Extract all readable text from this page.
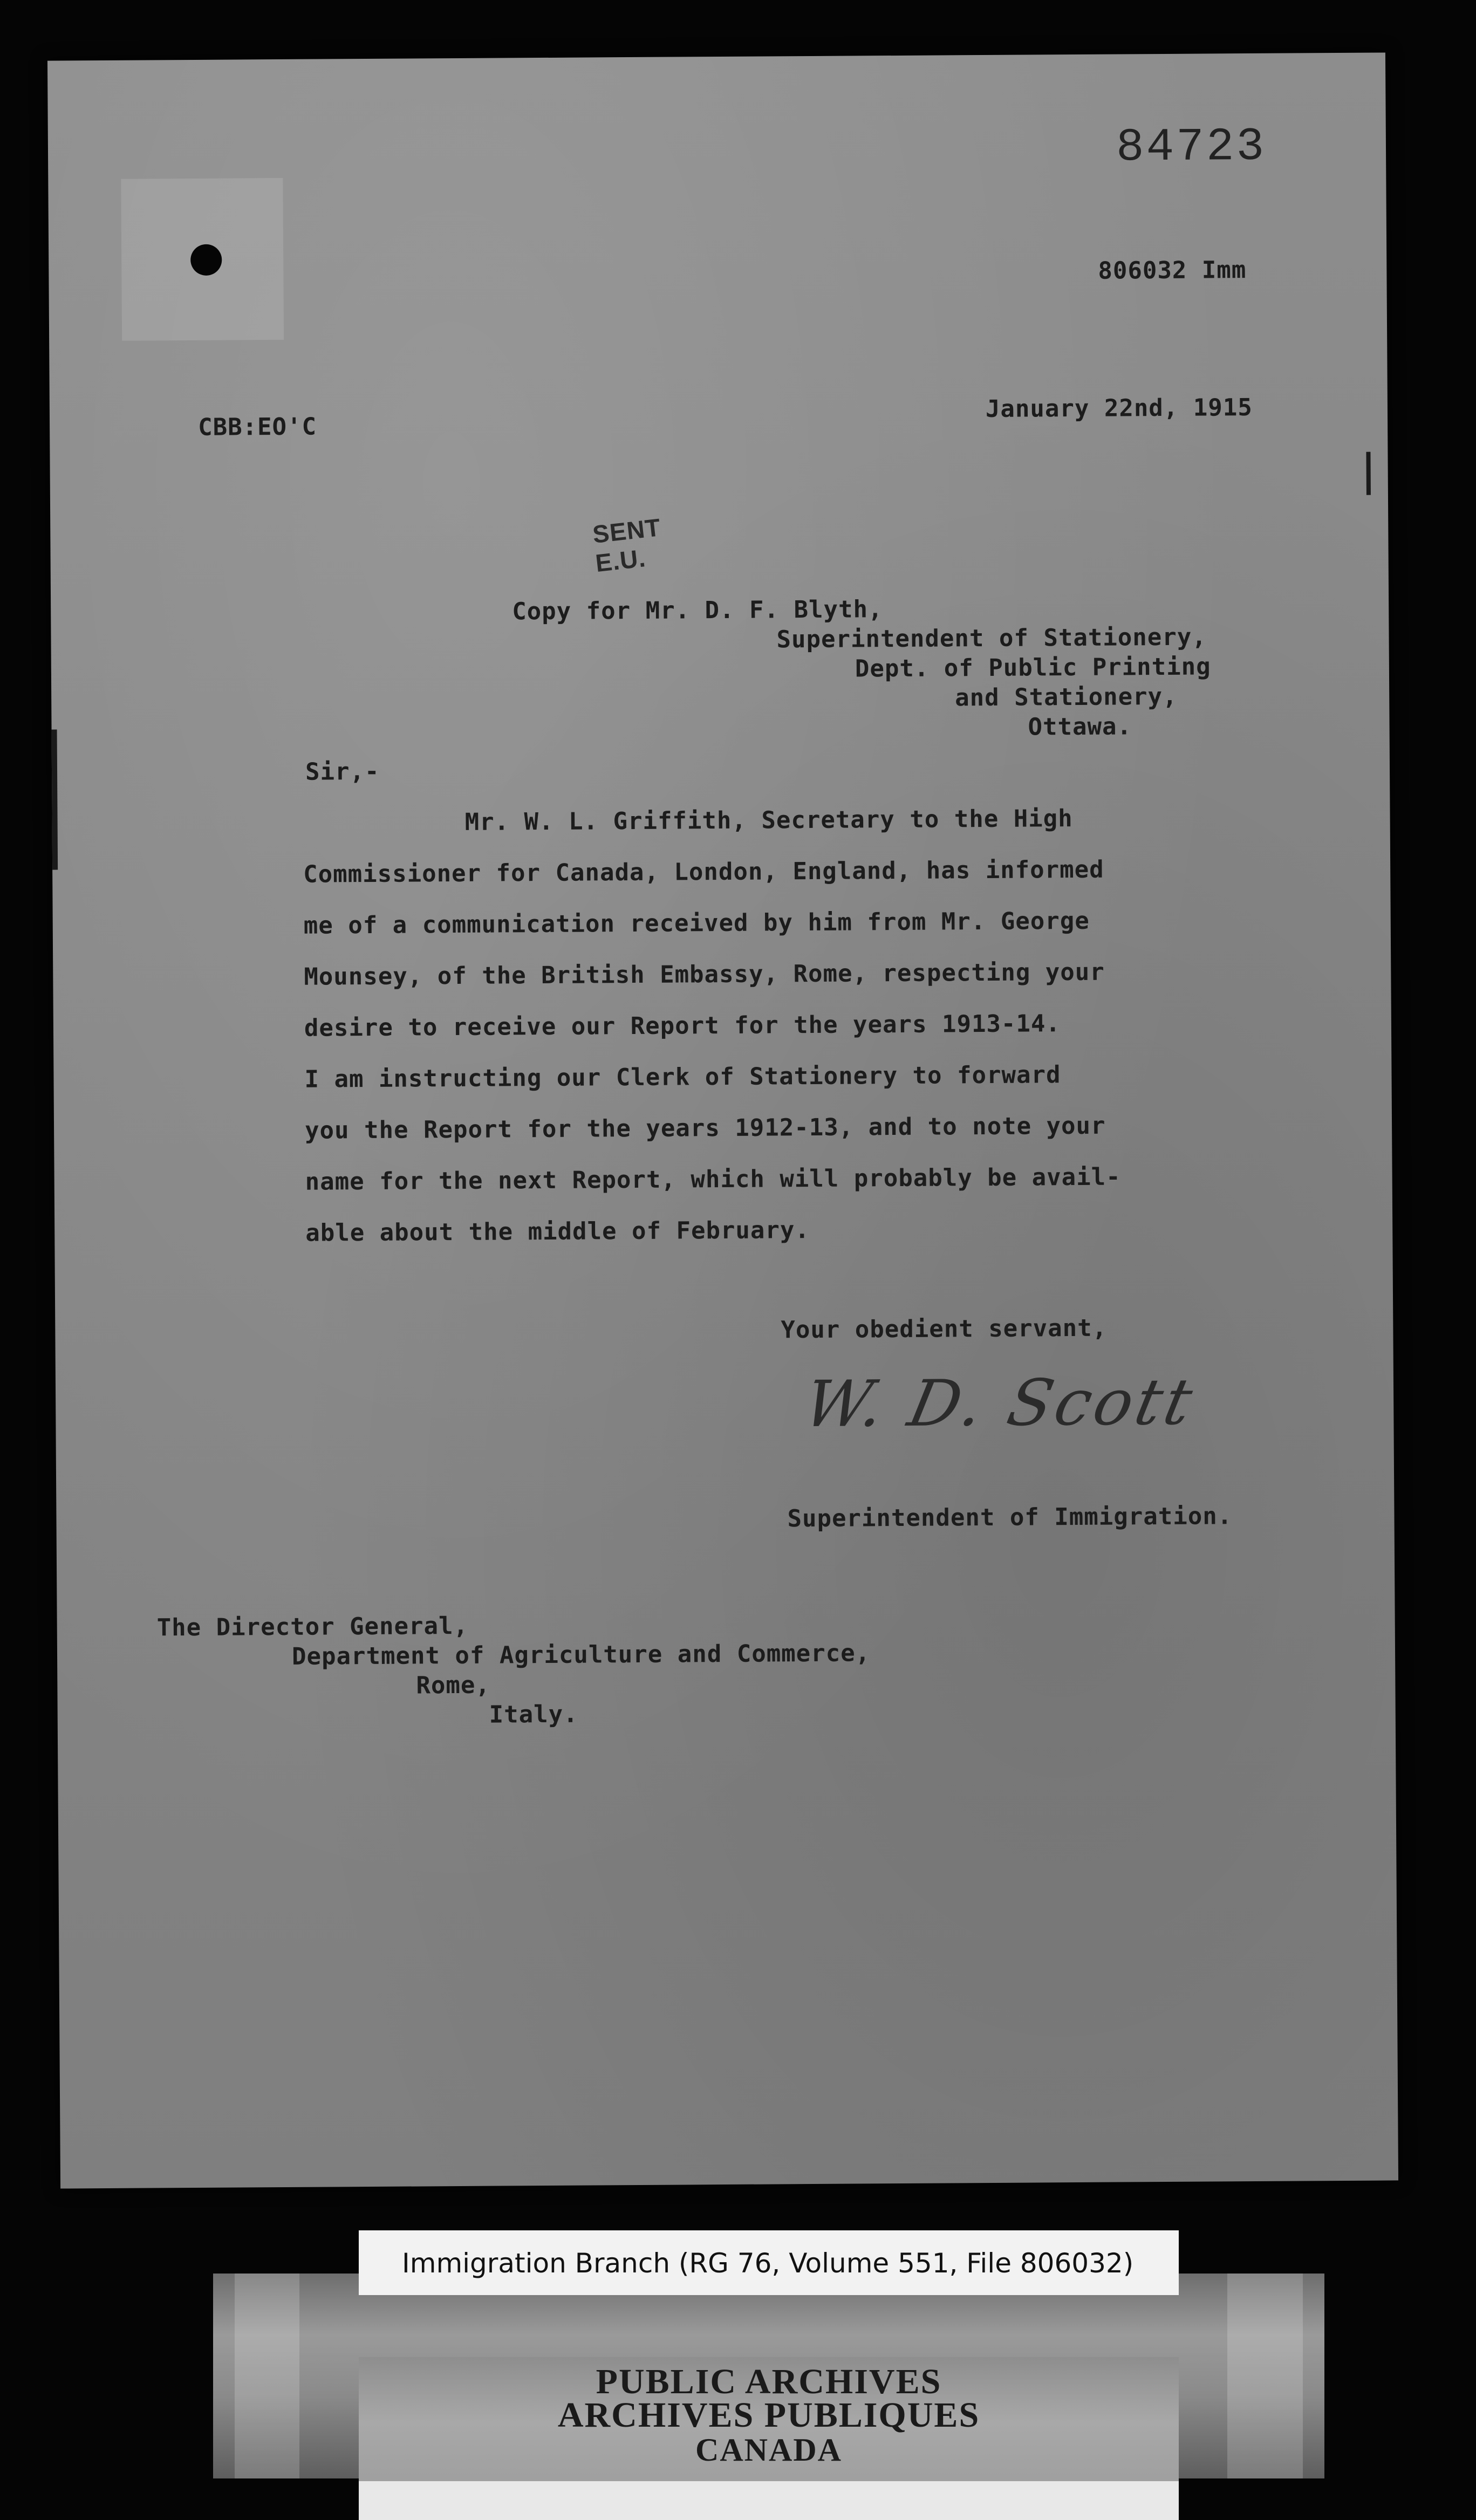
84723
806032 Imm
CBB:EO'C
January 22nd, 1915
SENT
E.U.
Copy for Mr. D. F. Blyth,
Superintendent of Stationery,
Dept. of Public Printing
and Stationery,
Ottawa.
Sir,-
Mr. W. L. Griffith, Secretary to the High
Commissioner for Canada, London, England, has informed
me of a communication received by him from Mr. George
Mounsey, of the British Embassy, Rome, respecting your
desire to receive our Report for the years 1913-14.
I am instructing our Clerk of Stationery to forward
you the Report for the years 1912-13, and to note your
name for the next Report, which will probably be avail-
able about the middle of February.
Your obedient servant,
W. D. Scott
Superintendent of Immigration.
The Director General,
Department of Agriculture and Commerce,
Rome,
Italy.
Immigration Branch (RG 76, Volume 551, File 806032)
PUBLIC ARCHIVES
ARCHIVES PUBLIQUES
CANADA
